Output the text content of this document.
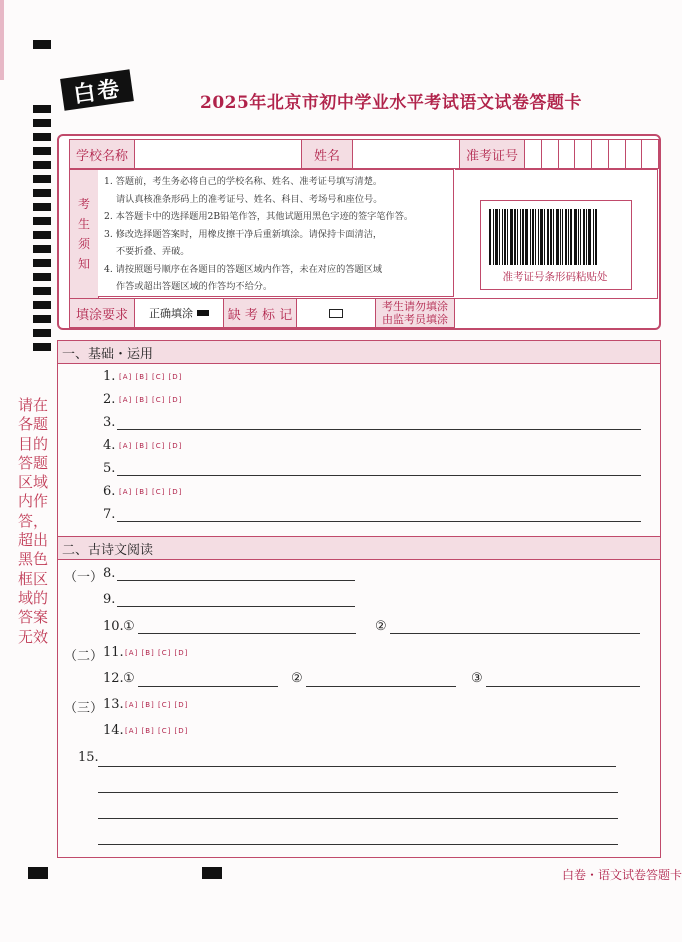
白卷	2025年北京市初中学业水平考试语文试卷答题卡
学校名称	姓名	准考证号
考
生
须
知
1. 答题前，考生务必将自己的学校名称、姓名、准考证号填写清楚。
请认真核准条形码上的准考证号、姓名、科目、考场号和座位号。
2. 本答题卡中的选择题用2B铅笔作答，其他试题用黑色字迹的签字笔作答。
3. 修改选择题答案时，用橡皮擦干净后重新填涂。请保持卡面清洁，
不要折叠、弄破。
4. 请按照题号顺序在各题目的答题区域内作答，未在对应的答题区域
作答或超出答题区域的作答均不给分。
准考证号条形码粘贴处
填涂要求	正确填涂	缺 考 标 记
考生请勿填涂
由监考员填涂
请在各题目的答题区域内作答，超出黑色框区域的答案无效
一、基础・运用
1. [A] [B] [C] [D]
2. [A] [B] [C] [D]
3.
4. [A] [B] [C] [D]
5.
6. [A] [B] [C] [D]
7.
二、古诗文阅读
（一） 8.
9.
10. ①	②
（二） 11. [A] [B] [C] [D]
12. ①	②	③
（三） 13. [A] [B] [C] [D]
14. [A] [B] [C] [D]
15.
白卷・语文试卷答题卡
